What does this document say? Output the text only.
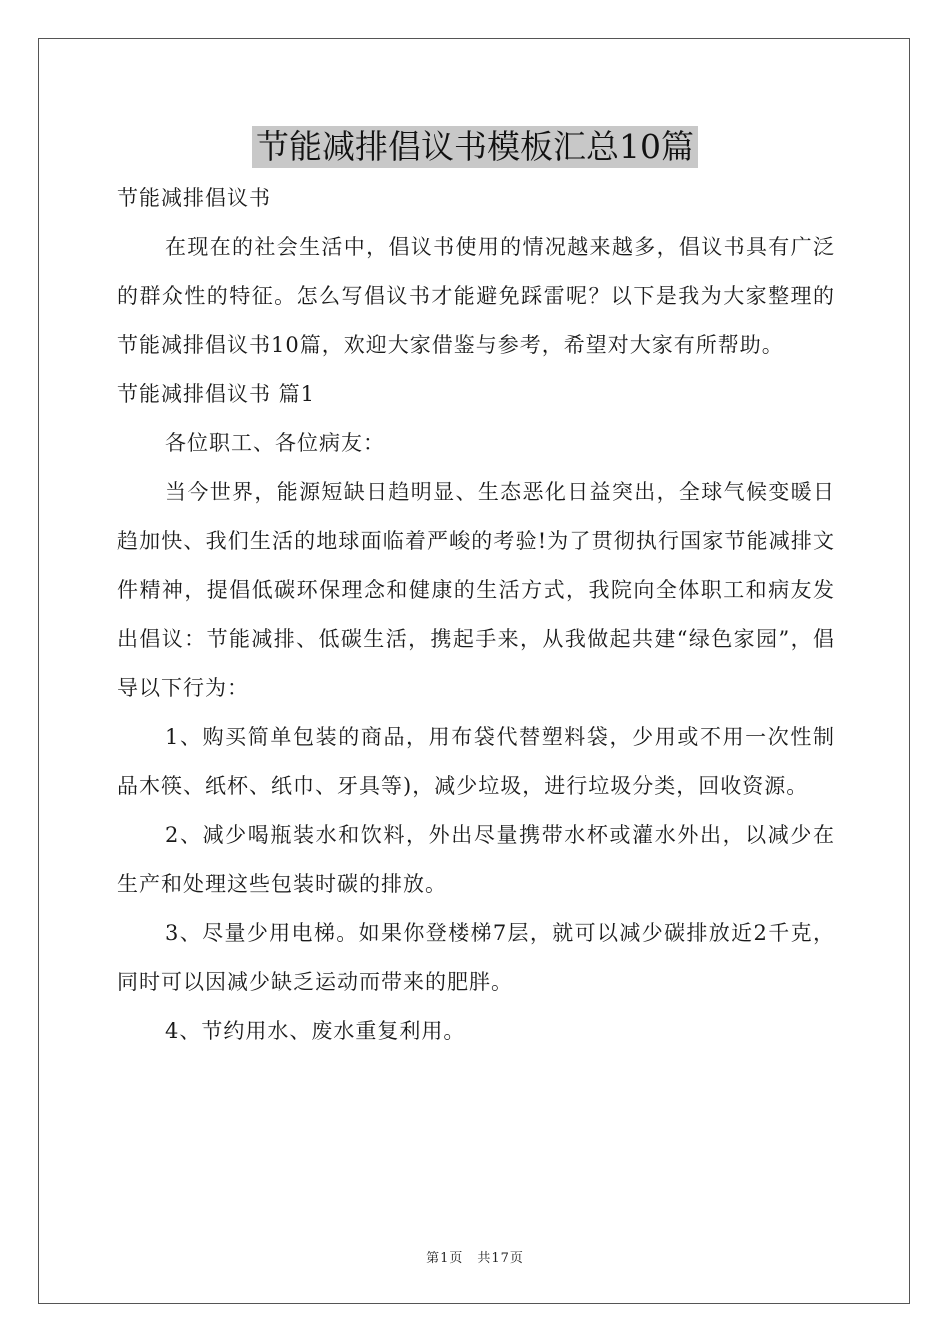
节能减排倡议书模板汇总10篇

节能减排倡议书

在现在的社会生活中，倡议书使用的情况越来越多，倡议书具有广泛的群众性的特征。怎么写倡议书才能避免踩雷呢？以下是我为大家整理的节能减排倡议书10篇，欢迎大家借鉴与参考，希望对大家有所帮助。

节能减排倡议书 篇1

各位职工、各位病友：

当今世界，能源短缺日趋明显、生态恶化日益突出，全球气候变暖日趋加快、我们生活的地球面临着严峻的考验!为了贯彻执行国家节能减排文件精神，提倡低碳环保理念和健康的生活方式，我院向全体职工和病友发出倡议：节能减排、低碳生活，携起手来，从我做起共建“绿色家园”，倡导以下行为：

1、购买简单包装的商品，用布袋代替塑料袋，少用或不用一次性制品木筷、纸杯、纸巾、牙具等)，减少垃圾，进行垃圾分类，回收资源。

2、减少喝瓶装水和饮料，外出尽量携带水杯或灌水外出，以减少在生产和处理这些包装时碳的排放。

3、尽量少用电梯。如果你登楼梯7层，就可以减少碳排放近2千克，同时可以因减少缺乏运动而带来的肥胖。

4、节约用水、废水重复利用。

第1页　共17页
